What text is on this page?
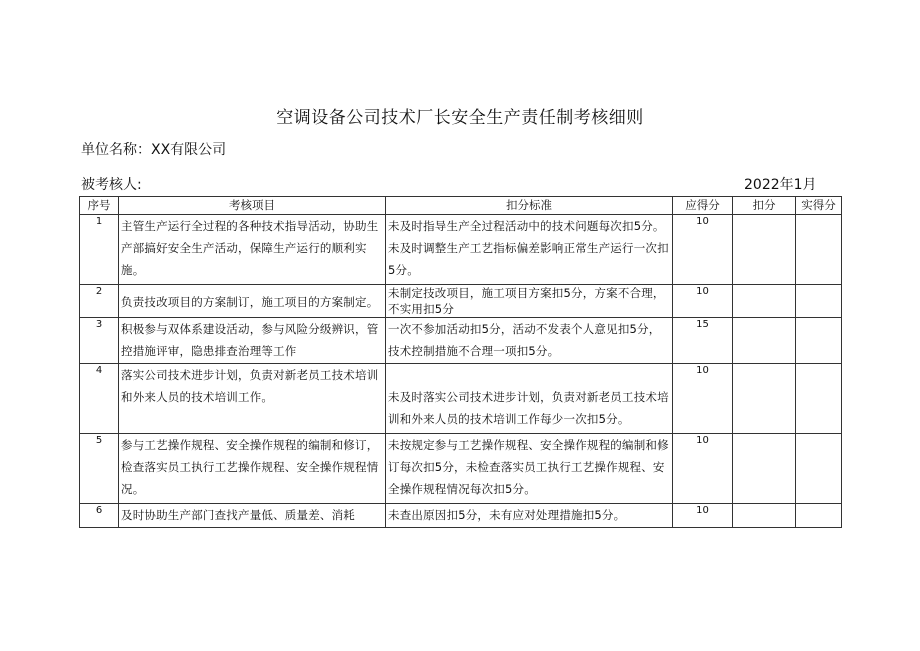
空调设备公司技术厂长安全生产责任制考核细则
单位名称：XX有限公司
被考核人:	2022年1月
序号	考核项目	扣分标准	应得分	扣分	实得分
1	主管生产运行全过程的各种技术指导活动，协助生产部搞好安全生产活动，保障生产运行的顺利实施。	未及时指导生产全过程活动中的技术问题每次扣5分。未及时调整生产工艺指标偏差影响正常生产运行一次扣5分。	10		
2	负责技改项目的方案制订，施工项目的方案制定。	未制定技改项目，施工项目方案扣5分，方案不合理，不实用扣5分	10		
3	积极参与双体系建设活动，参与风险分级辨识，管控措施评审，隐患排查治理等工作	一次不参加活动扣5分，活动不发表个人意见扣5分，技术控制措施不合理一项扣5分。	15		
4	落实公司技术进步计划，负责对新老员工技术培训和外来人员的技术培训工作。	未及时落实公司技术进步计划，负责对新老员工技术培训和外来人员的技术培训工作每少一次扣5分。	10		
5	参与工艺操作规程、安全操作规程的编制和修订，检查落实员工执行工艺操作规程、安全操作规程情况。	未按规定参与工艺操作规程、安全操作规程的编制和修订每次扣5分，未检查落实员工执行工艺操作规程、安全操作规程情况每次扣5分。	10		
6	及时协助生产部门查找产量低、质量差、消耗	未查出原因扣5分，未有应对处理措施扣5分。	10		
